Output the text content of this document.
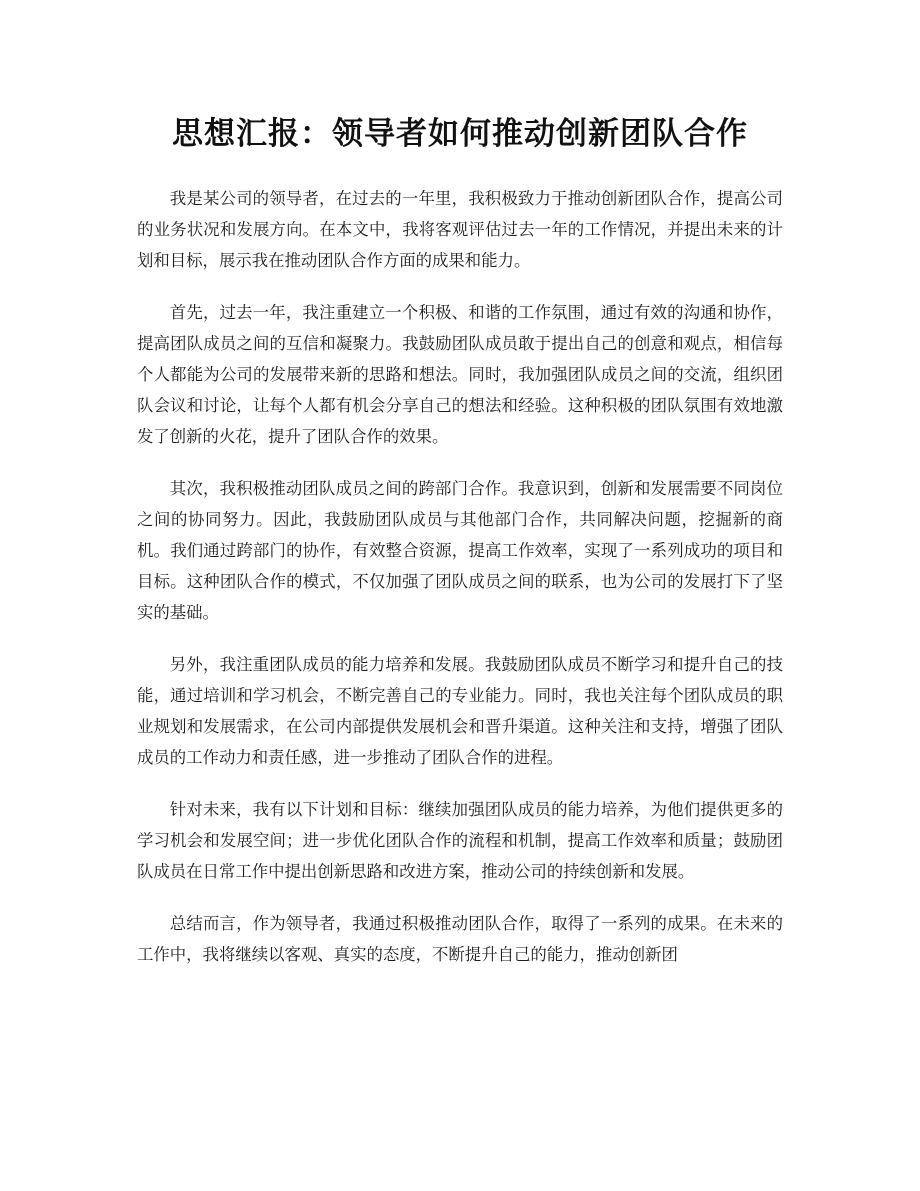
思想汇报：领导者如何推动创新团队合作

我是某公司的领导者，在过去的一年里，我积极致力于推动创新团队合作，提高公司的业务状况和发展方向。在本文中，我将客观评估过去一年的工作情况，并提出未来的计划和目标，展示我在推动团队合作方面的成果和能力。

首先，过去一年，我注重建立一个积极、和谐的工作氛围，通过有效的沟通和协作，提高团队成员之间的互信和凝聚力。我鼓励团队成员敢于提出自己的创意和观点，相信每个人都能为公司的发展带来新的思路和想法。同时，我加强团队成员之间的交流，组织团队会议和讨论，让每个人都有机会分享自己的想法和经验。这种积极的团队氛围有效地激发了创新的火花，提升了团队合作的效果。

其次，我积极推动团队成员之间的跨部门合作。我意识到，创新和发展需要不同岗位之间的协同努力。因此，我鼓励团队成员与其他部门合作，共同解决问题，挖掘新的商机。我们通过跨部门的协作，有效整合资源，提高工作效率，实现了一系列成功的项目和目标。这种团队合作的模式，不仅加强了团队成员之间的联系，也为公司的发展打下了坚实的基础。

另外，我注重团队成员的能力培养和发展。我鼓励团队成员不断学习和提升自己的技能，通过培训和学习机会，不断完善自己的专业能力。同时，我也关注每个团队成员的职业规划和发展需求，在公司内部提供发展机会和晋升渠道。这种关注和支持，增强了团队成员的工作动力和责任感，进一步推动了团队合作的进程。

针对未来，我有以下计划和目标：继续加强团队成员的能力培养，为他们提供更多的学习机会和发展空间；进一步优化团队合作的流程和机制，提高工作效率和质量；鼓励团队成员在日常工作中提出创新思路和改进方案，推动公司的持续创新和发展。

总结而言，作为领导者，我通过积极推动团队合作，取得了一系列的成果。在未来的工作中，我将继续以客观、真实的态度，不断提升自己的能力，推动创新团
